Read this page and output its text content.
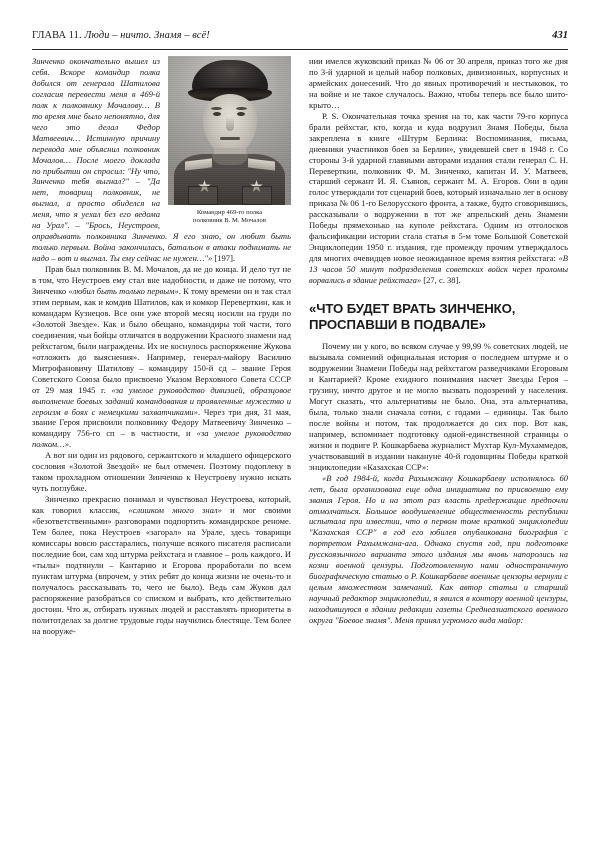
ГЛАВА 11. Люди – ничто. Знамя – всё!	431
Командир 469-го полка
полковник В. М. Мочалов

Зинченко окончательно вышел из себя. Вскоре командир полка добился от генерала Шатилова согласия перевести меня в 469-й полк к полковнику Мочалову… В то время мне было непонятно, для чего это делал Федор Матвеевич… Истинную причину перевода мне объяснил полковник Мочалов… После моего доклада по прибытии он спросил: "Ну что, Зинченко тебя выгнал?" – "Да нет, товарищ полковник, не выгнал, а просто обиделся на меня, что я уехал без его ведома на Урал". – "Брось, Неустроев, оправдывать полковника Зинченко. Я его знаю, он любит быть только первым. Война закончилась, батальон в атаки поднимать не надо – вот и выгнал. Ты ему сейчас не нужен…"» [197].

Прав был полковник В. М. Мочалов, да не до конца. И дело тут не в том, что Неустроев ему стал вне надобности, и даже не потому, что Зинченко «любил быть только первым». К тому времени он и так стал этим первым, как и комдив Шатилов, как и комкор Переверткин, как и командарм Кузнецов. Все они уже второй месяц носили на груди по «Золотой Звезде». Как и было обещано, командиры той части, того соединения, чьи бойцы отличатся в водружении Красного знамени над рейхстагом, были награждены. Их не коснулось распоряжение Жукова «отложить до выяснения». Например, генерал-майору Василию Митрофановичу Шатилову – командиру 150-й сд – звание Героя Советского Союза было присвоено Указом Верховного Совета СССР от 29 мая 1945 г. «за умелое руководство дивизией, образцовое выполнение боевых заданий командования и проявленные мужество и героизм в боях с немецкими захватчиками». Через три дня, 31 мая, звание Героя присвоили полковнику Федору Матвеевичу Зинченко – командиру 756-го сп – в частности, и «за умелое руководство полком…».

А вот ни один из рядового, сержантского и младшего офицерского сословия «Золотой Звездой» не был отмечен. Поэтому подоплеку в таком прохладном отношении Зинченко к Неустроеву нужно искать чуть поглубже.

Зинченко прекрасно понимал и чувствовал Неустроева, который, как говорил классик, «слишком много знал» и мог своими «безответственными» разговорами подпортить командирское реноме. Тем более, пока Неустроев «загорал» на Урале, здесь товарищи комиссары вовсю расстарались, получше всякого писателя расписали последние бои, сам ход штурма рейхстага и главное – роль каждого. И «тылы» подтянули – Кантарию и Егорова проработали по всем пунктам штурма (впрочем, у этих ребят до конца жизни не очень-то и получалось рассказывать то, чего не было). Ведь сам Жуков дал распоряжение разобраться со списком и выбрать, кто действительно достоин. Что ж, отбирать нужных людей и расставлять приоритеты в политотделах за долгие трудовые годы научились блестяще. Тем более на вооруже-

нии имелся жуковский приказ № 06 от 30 апреля, приказ того же дня по 3-й ударной и целый набор полковых, дивизионных, корпусных и армейских донесений. Что до явных противоречий и нестыковок, то на войне и не такое случалось. Важно, чтобы теперь все было шито-крыто…

P. S. Окончательная точка зрения на то, как части 79-го корпуса брали рейхстаг, кто, когда и куда водрузил Знамя Победы, была закреплена в книге «Штурм Берлина: Воспоминания, письма, дневники участников боев за Берлин», увидевшей свет в 1948 г. Со стороны 3-й ударной главными авторами издания стали генерал С. Н. Переверткин, полковник Ф. М. Зинченко, капитан И. У. Матвеев, старший сержант И. Я. Съянов, сержант М. А. Егоров. Они в один голос утверждали тот сценарий боев, который изначально лег в основу приказа № 06 1-го Белорусского фронта, а также, будто сговорившись, рассказывали о водружении в тот же апрельский день Знамени Победы прямехонько на куполе рейхстага. Одним из отголосков фальсификации истории стала статья в 5-м томе Большой Советской Энциклопедии 1950 г. издания, где промежду прочим утверждалось для многих очевидцев новое неожиданное время взятия рейхстага: «В 13 часов 50 минут подразделения советских войск через проломы ворвались в здание рейхстага» [27, с. 38].

«ЧТО БУДЕТ ВРАТЬ ЗИНЧЕНКО,
ПРОСПАВШИ В ПОДВАЛЕ»

Почему ни у кого, во всяком случае у 99,99 % советских людей, не вызывала сомнений официальная история о последнем штурме и о водружении Знамени Победы над рейхстагом разведчиками Егоровым и Кантарией? Кроме ехидного понимания насчет Звезды Героя – грузину, ничто другое и не могло вызвать подозрений у населения. Могут сказать, что альтернативы не было. Она, эта альтернатива, была, только знали сначала сотни, с годами – единицы. Так было после войны и потом, так продолжается до сих пор. Вот как, например, вспоминает подготовку одной-единственной страницы о жизни и подвиге Р. Кошкарбаева журналист Мухтар Кул-Мухаммедов, участвовавший в издании накануне 40-й годовщины Победы краткой энциклопедии «Казахская ССР»:

«В год 1984-й, когда Рахымжану Кошкарбаеву исполнялось 60 лет, была организована еще одна инициатива по присвоению ему звания Героя. Но и на этот раз власть предержащие предпочли отмолчаться. Большое воодушевление общественность республики испытала при известии, что в первом томе краткой энциклопедии "Казахская ССР" в год его юбилея опубликована биография с портретом Рахымжана-ага. Однако спустя год, при подготовке русскоязычного варианта этого издания мы вновь напоролись на козни военной цензуры. Подготовленную нами одностраничную биографическую статью о Р. Кошкарбаеве военные цензоры вернули с целым множеством замечаний. Как автор статьи и старший научный редактор энциклопедии, я явился в контору военной цензуры, находившуюся в здании редакции газеты Среднеазиатского военного округа "Боевое знамя". Меня принял угрюмого вида майор:
